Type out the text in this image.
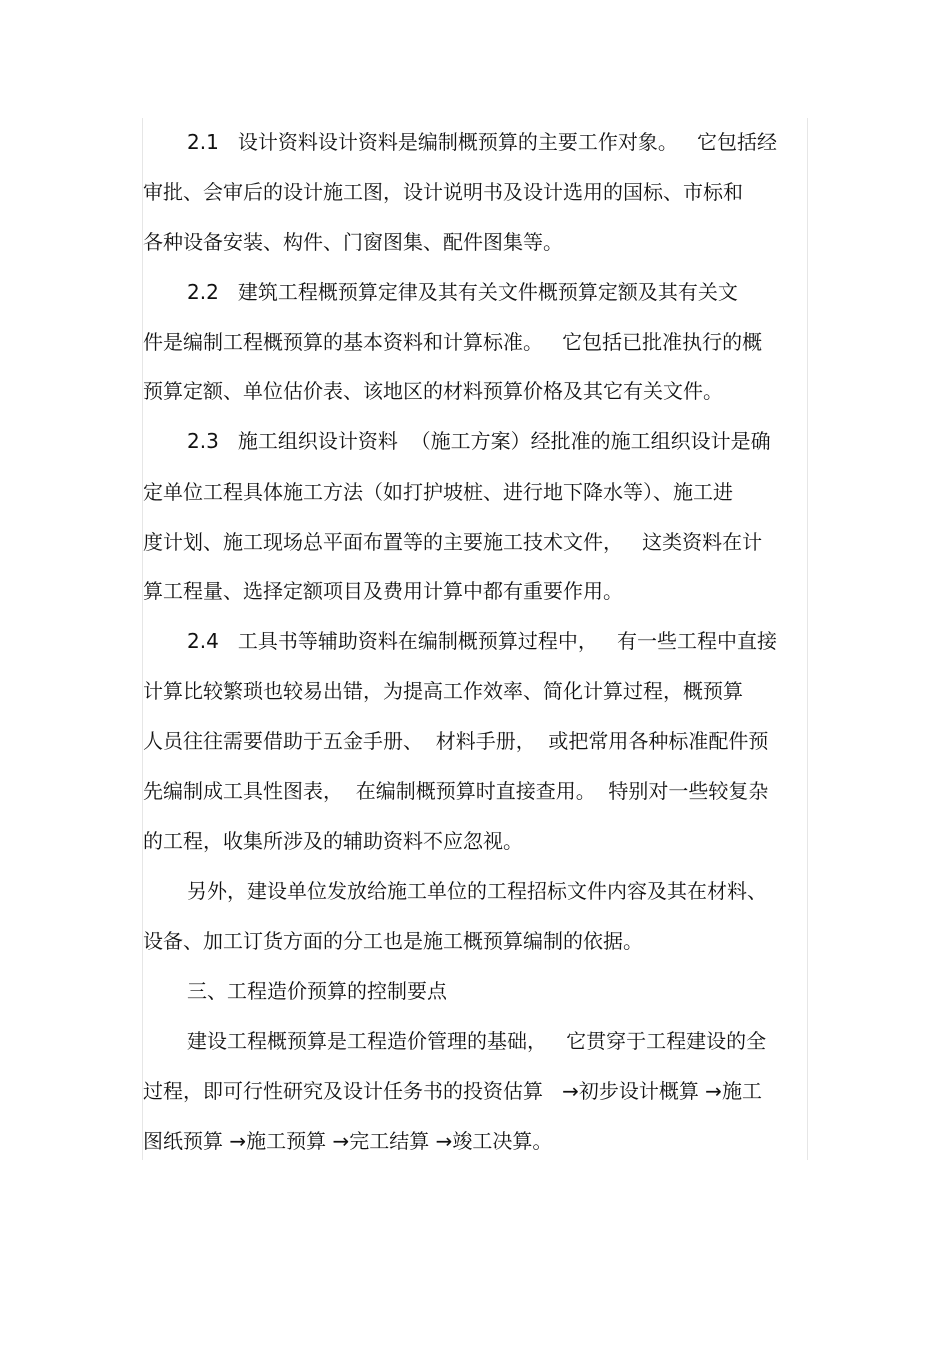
2.1   设计资料设计资料是编制概预算的主要工作对象。   它包括经
审批、会审后的设计施工图，设计说明书及设计选用的国标、市标和
各种设备安装、构件、门窗图集、配件图集等。
2.2   建筑工程概预算定律及其有关文件概预算定额及其有关文
件是编制工程概预算的基本资料和计算标准。   它包括已批准执行的概
预算定额、单位估价表、该地区的材料预算价格及其它有关文件。
2.3   施工组织设计资料  （施工方案）经批准的施工组织设计是确
定单位工程具体施工方法（如打护坡桩、进行地下降水等）、施工进
度计划、施工现场总平面布置等的主要施工技术文件，   这类资料在计
算工程量、选择定额项目及费用计算中都有重要作用。
2.4   工具书等辅助资料在编制概预算过程中，   有一些工程中直接
计算比较繁琐也较易出错，为提高工作效率、简化计算过程，概预算
人员往往需要借助于五金手册、  材料手册，  或把常用各种标准配件预
先编制成工具性图表，  在编制概预算时直接查用。  特别对一些较复杂
的工程，收集所涉及的辅助资料不应忽视。
另外，建设单位发放给施工单位的工程招标文件内容及其在材料、
设备、加工订货方面的分工也是施工概预算编制的依据。
三、工程造价预算的控制要点
建设工程概预算是工程造价管理的基础，   它贯穿于工程建设的全
过程，即可行性研究及设计任务书的投资估算   →初步设计概算 →施工
图纸预算 →施工预算 →完工结算 →竣工决算。
